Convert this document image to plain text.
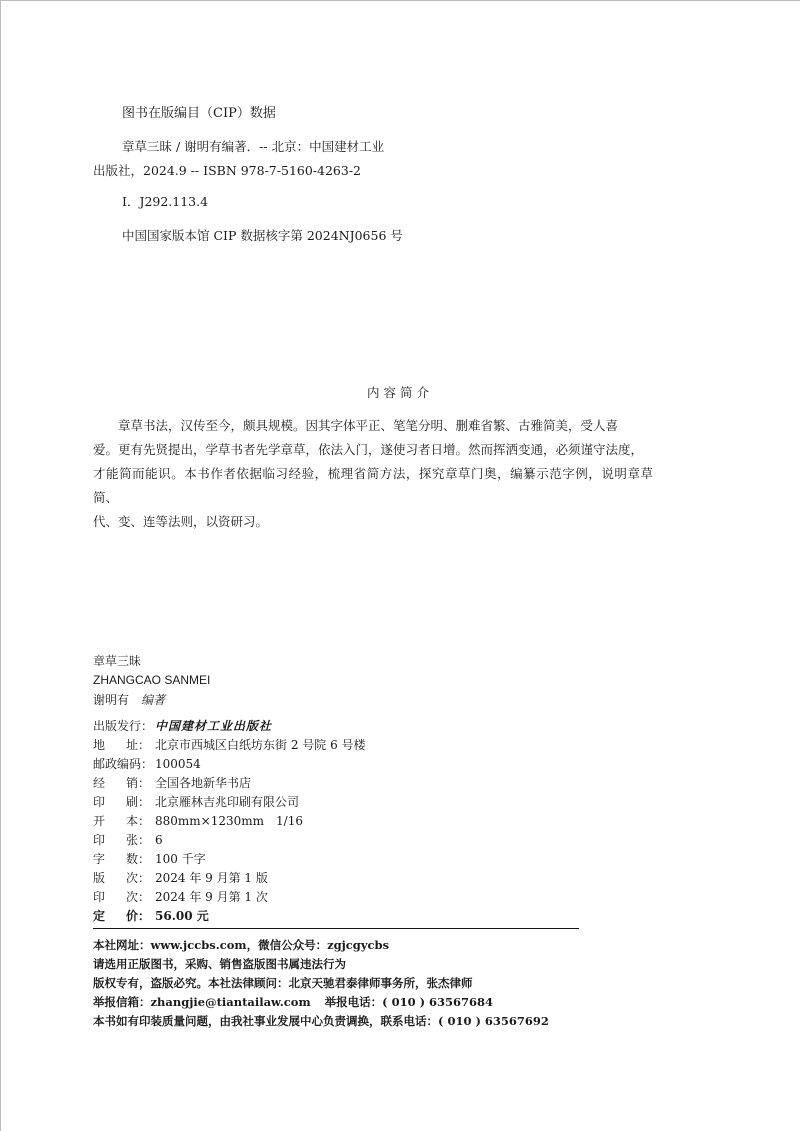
图书在版编目（CIP）数据
章草三昧 / 谢明有编著．-- 北京：中国建材工业
出版社，2024.9 -- ISBN 978-7-5160-4263-2
Ⅰ．J292.113.4
中国国家版本馆 CIP 数据核字第 2024NJ0656 号
内容简介
章草书法，汉传至今，颇具规模。因其字体平正、笔笔分明、删难省繁、古雅简美，受人喜
爱。更有先贤提出，学草书者先学章草，依法入门，遂使习者日增。然而挥洒变通，必须谨守法度，
才能简而能识。本书作者依据临习经验，梳理省简方法，探究章草门奥，编纂示范字例，说明章草简、
代、变、连等法则，以资研习。
章草三昧
ZHANGCAO SANMEI
谢明有 编著
出版发行： 中国建材工业出版社
地 址： 北京市西城区白纸坊东街 2 号院 6 号楼
邮政编码： 100054
经 销： 全国各地新华书店
印 刷： 北京雁林吉兆印刷有限公司
开 本： 880mm×1230mm　1/16
印 张： 6
字 数： 100 千字
版 次： 2024 年 9 月第 1 版
印 次： 2024 年 9 月第 1 次
定 价： 56.00 元
本社网址：www.jccbs.com，微信公众号：zgjcgycbs
请选用正版图书，采购、销售盗版图书属违法行为
版权专有，盗版必究。本社法律顾问：北京天驰君泰律师事务所，张杰律师
举报信箱：zhangjie@tiantailaw.com 举报电话：( 010 ) 63567684
本书如有印装质量问题，由我社事业发展中心负责调换，联系电话：( 010 ) 63567692
